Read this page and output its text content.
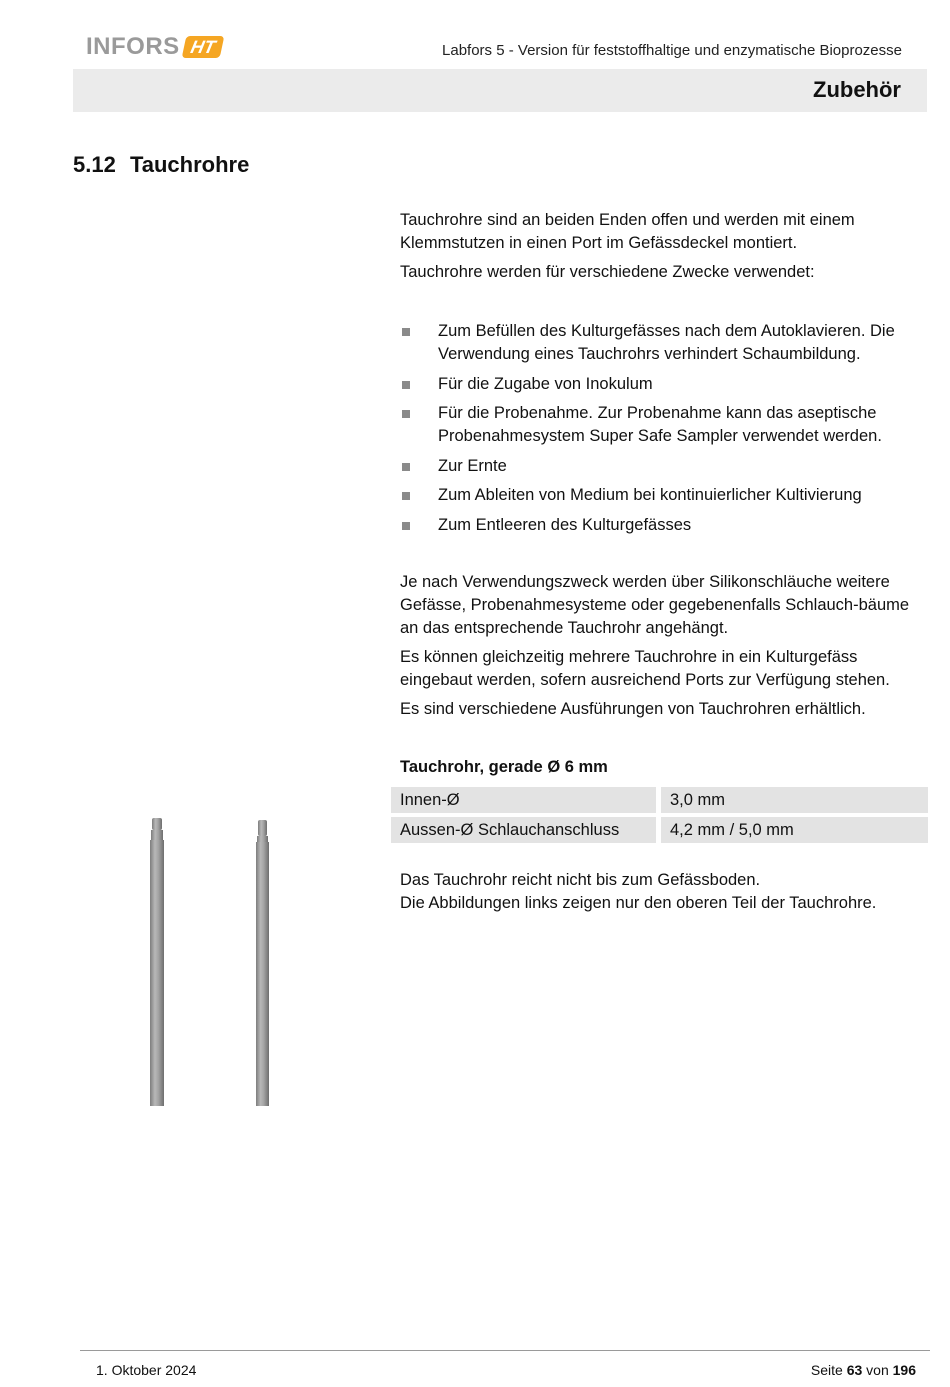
INFORS HT	Labfors 5 - Version für feststoffhaltige und enzymatische Bioprozesse
Zubehör
5.12 Tauchrohre

Tauchrohre sind an beiden Enden offen und werden mit einem Klemmstutzen in einen Port im Gefässdeckel montiert.

Tauchrohre werden für verschiedene Zwecke verwendet:

Zum Befüllen des Kulturgefässes nach dem Autoklavieren. Die Verwendung eines Tauchrohrs verhindert Schaumbildung.
Für die Zugabe von Inokulum
Für die Probenahme. Zur Probenahme kann das aseptische Probenahmesystem Super Safe Sampler verwendet werden.
Zur Ernte
Zum Ableiten von Medium bei kontinuierlicher Kultivierung
Zum Entleeren des Kulturgefässes

Je nach Verwendungszweck werden über Silikonschläuche weitere Gefässe, Probenahmesysteme oder gegebenenfalls Schlauch-bäume an das entsprechende Tauchrohr angehängt.

Es können gleichzeitig mehrere Tauchrohre in ein Kulturgefäss eingebaut werden, sofern ausreichend Ports zur Verfügung stehen.

Es sind verschiedene Ausführungen von Tauchrohren erhältlich.

Tauchrohr, gerade Ø 6 mm
Innen-Ø	3,0 mm
Aussen-Ø Schlauchanschluss	4,2 mm / 5,0 mm
Das Tauchrohr reicht nicht bis zum Gefässboden.
Die Abbildungen links zeigen nur den oberen Teil der Tauchrohre.
1. Oktober 2024	Seite 63 von 196
